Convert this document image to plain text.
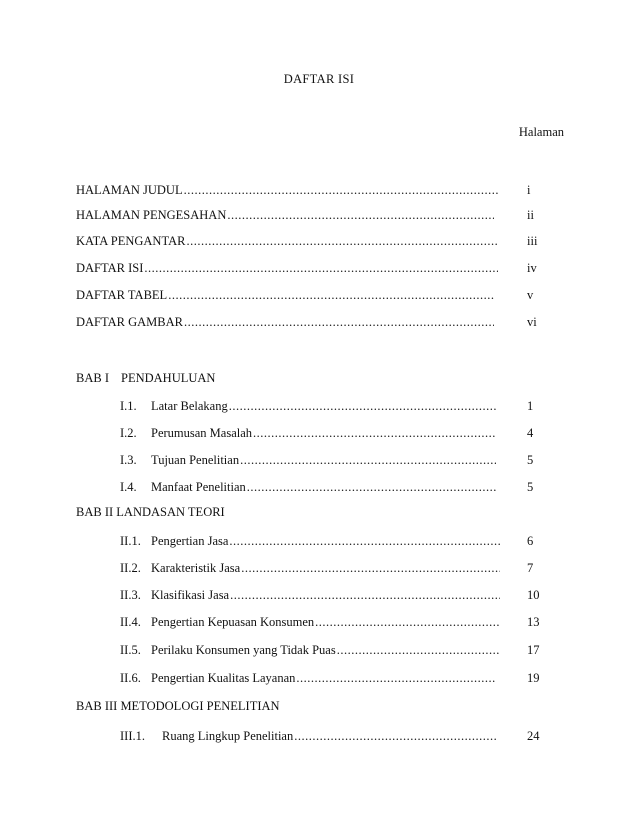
DAFTAR ISI
Halaman
HALAMAN JUDUL .....	i
HALAMAN PENGESAHAN .....	ii
KATA PENGANTAR .....	iii
DAFTAR ISI .....	iv
DAFTAR TABEL .....	v
DAFTAR GAMBAR .....	vi
BAB I PENDAHULUAN
I.1. Latar Belakang .....	1
I.2. Perumusan Masalah .....	4
I.3. Tujuan Penelitian .....	5
I.4. Manfaat Penelitian .....	5
BAB II LANDASAN TEORI
II.1. Pengertian Jasa .....	6
II.2. Karakteristik Jasa .....	7
II.3. Klasifikasi Jasa .....	10
II.4. Pengertian Kepuasan Konsumen .....	13
II.5. Perilaku Konsumen yang Tidak Puas .....	17
II.6. Pengertian Kualitas Layanan .....	19
BAB III METODOLOGI PENELITIAN
III.1. Ruang Lingkup Penelitian .....	24
